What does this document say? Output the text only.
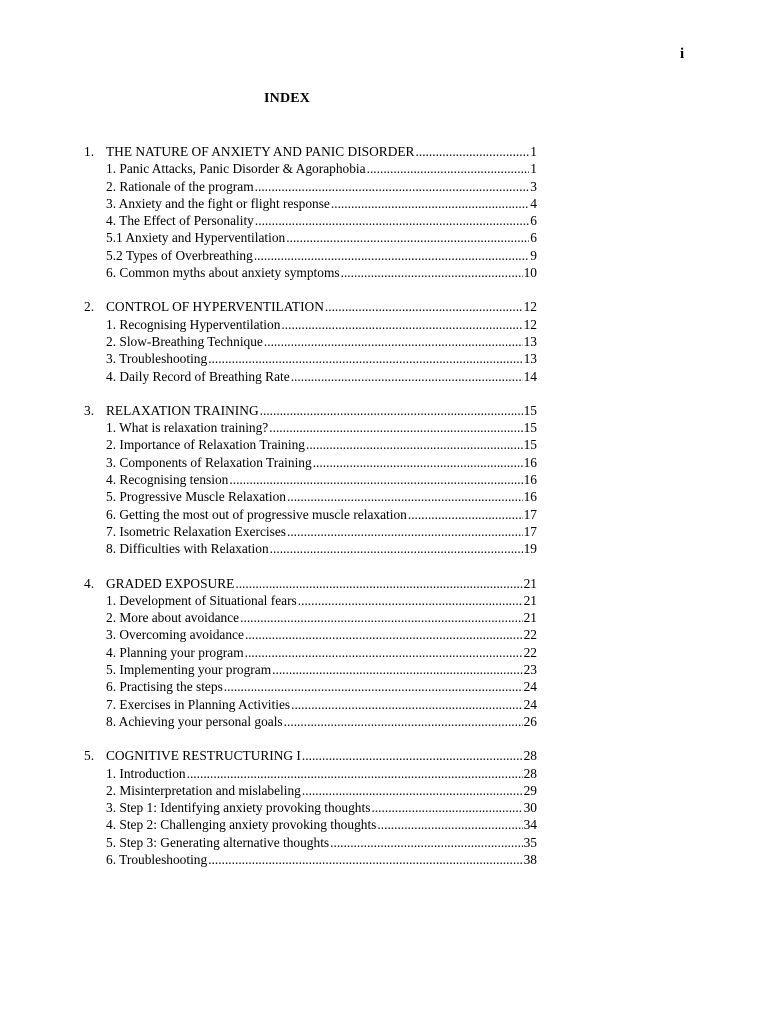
i
INDEX
1. THE NATURE OF ANXIETY AND PANIC DISORDER .....	1
1. Panic Attacks, Panic Disorder & Agoraphobia .....	1
2. Rationale of the program .....	3
3. Anxiety and the fight or flight response .....	4
4. The Effect of Personality .....	6
5.1 Anxiety and Hyperventilation .....	6
5.2 Types of Overbreathing .....	9
6. Common myths about anxiety symptoms .....	10
2. CONTROL OF HYPERVENTILATION .....	12
1. Recognising Hyperventilation .....	12
2. Slow-Breathing Technique .....	13
3. Troubleshooting .....	13
4. Daily Record of Breathing Rate .....	14
3. RELAXATION TRAINING .....	15
1. What is relaxation training? .....	15
2. Importance of Relaxation Training .....	15
3. Components of Relaxation Training .....	16
4. Recognising tension .....	16
5. Progressive Muscle Relaxation .....	16
6. Getting the most out of progressive muscle relaxation .....	17
7. Isometric Relaxation Exercises .....	17
8. Difficulties with Relaxation .....	19
4. GRADED EXPOSURE .....	21
1. Development of Situational fears .....	21
2. More about avoidance .....	21
3. Overcoming avoidance .....	22
4. Planning your program .....	22
5. Implementing your program .....	23
6. Practising the steps .....	24
7. Exercises in Planning Activities .....	24
8. Achieving your personal goals .....	26
5. COGNITIVE RESTRUCTURING I .....	28
1. Introduction .....	28
2. Misinterpretation and mislabeling .....	29
3. Step 1: Identifying anxiety provoking thoughts .....	30
4. Step 2: Challenging anxiety provoking thoughts .....	34
5. Step 3: Generating alternative thoughts .....	35
6. Troubleshooting .....	38
